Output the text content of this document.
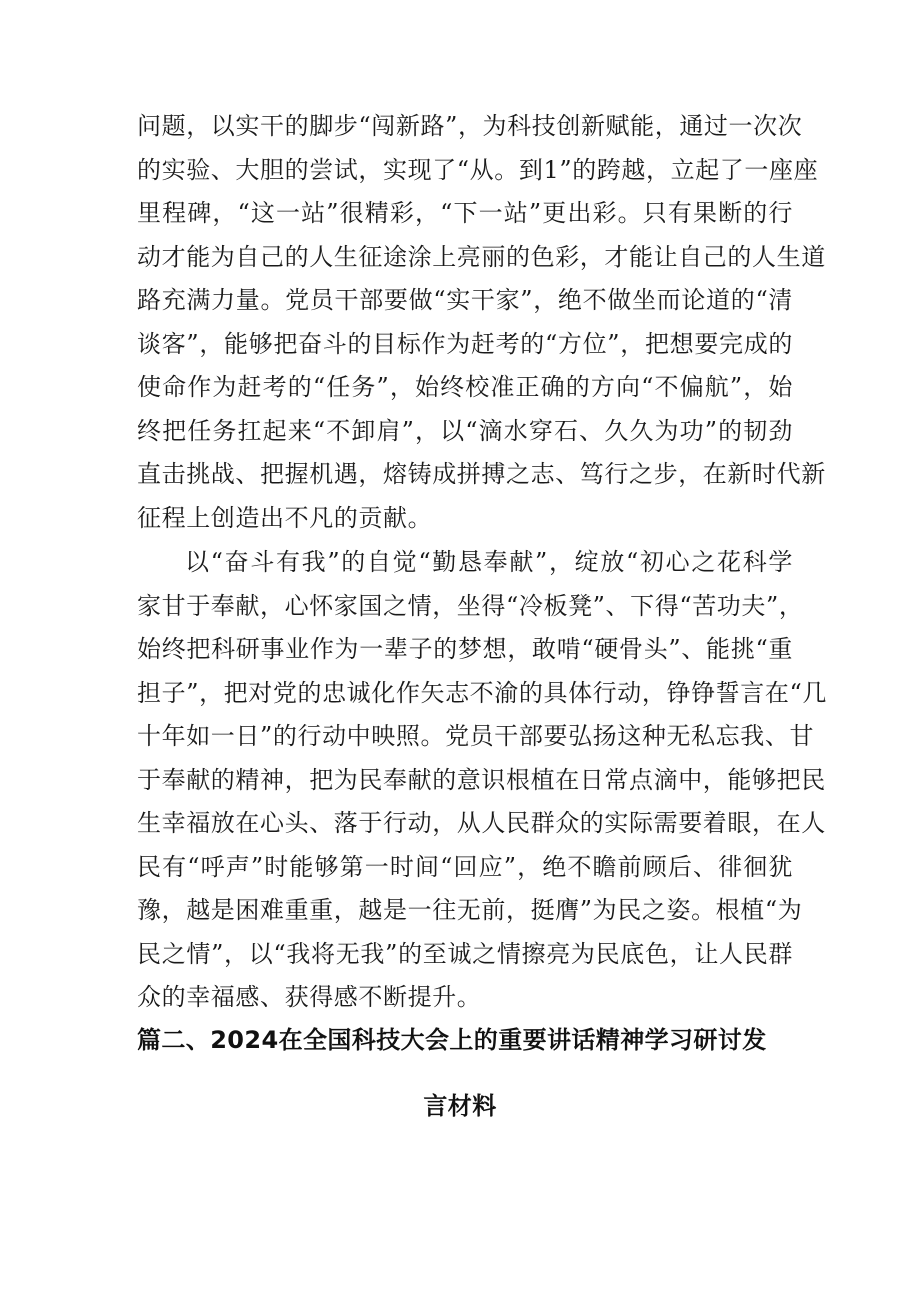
问题，以实干的脚步“闯新路”，为科技创新赋能，通过一次次
的实验、大胆的尝试，实现了“从。到1”的跨越，立起了一座座
里程碑，“这一站”很精彩，“下一站”更出彩。只有果断的行
动才能为自己的人生征途涂上亮丽的色彩，才能让自己的人生道
路充满力量。党员干部要做“实干家”，绝不做坐而论道的“清
谈客”，能够把奋斗的目标作为赶考的“方位”，把想要完成的
使命作为赶考的“任务”，始终校准正确的方向“不偏航”，始
终把任务扛起来“不卸肩”，以“滴水穿石、久久为功”的韧劲
直击挑战、把握机遇，熔铸成拼搏之志、笃行之步，在新时代新
征程上创造出不凡的贡献。
以“奋斗有我”的自觉“勤恳奉献”，绽放“初心之花科学
家甘于奉献，心怀家国之情，坐得“冷板凳”、下得“苦功夫”，
始终把科研事业作为一辈子的梦想，敢啃“硬骨头”、能挑“重
担子”，把对党的忠诚化作矢志不渝的具体行动，铮铮誓言在“几
十年如一日”的行动中映照。党员干部要弘扬这种无私忘我、甘
于奉献的精神，把为民奉献的意识根植在日常点滴中，能够把民
生幸福放在心头、落于行动，从人民群众的实际需要着眼，在人
民有“呼声”时能够第一时间“回应”，绝不瞻前顾后、徘徊犹
豫，越是困难重重，越是一往无前，挺膺”为民之姿。根植“为
民之情”，以“我将无我”的至诚之情擦亮为民底色，让人民群
众的幸福感、获得感不断提升。
篇二、2024在全国科技大会上的重要讲话精神学习研讨发
言材料
